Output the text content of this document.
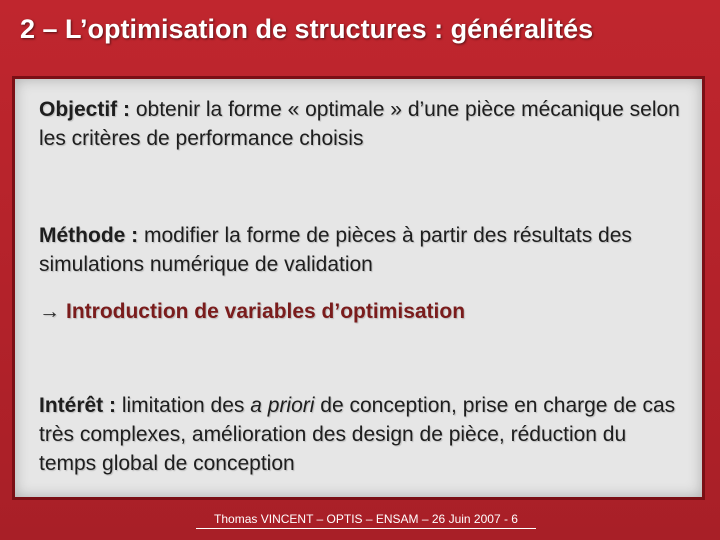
2 – L’optimisation de structures : généralités
Objectif : obtenir la forme « optimale » d’une pièce mécanique selon les critères de performance choisis
Méthode : modifier la forme de pièces à partir des résultats des simulations numérique de validation
→ Introduction de variables d’optimisation
Intérêt : limitation des a priori de conception, prise en charge de cas très complexes, amélioration des design de pièce, réduction du temps global de conception
Thomas VINCENT – OPTIS – ENSAM – 26 Juin 2007 - 6
